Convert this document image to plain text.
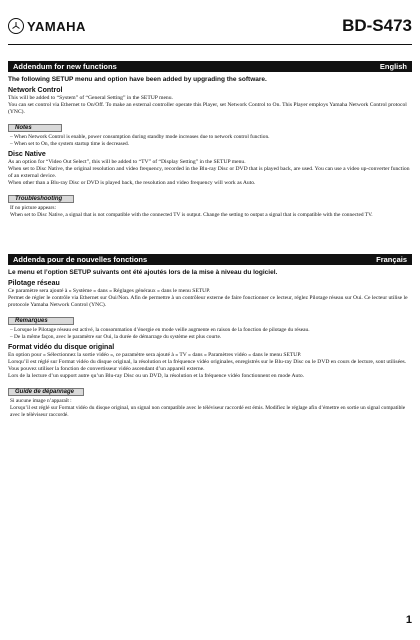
YAMAHA	BD-S473
Addendum for new functions	English
The following SETUP menu and option have been added by upgrading the software.
Network Control

This will be added to “System” of “General Setting” in the SETUP menu.

You can set control via Ethernet to On/Off. To make an external controller operate this Player, set Network Control to On. This Player employs Yamaha Network Control protocol (YNC).

Notes

– When Network Control is enable, power consumption during standby mode increases due to network control function.

– When set to On, the system startup time is decreased.

Disc Native

As an option for “Video Out Select”, this will be added to “TV” of “Display Setting” in the SETUP menu.

When set to Disc Native, the original resolution and video frequency, recorded in the Blu-ray Disc or DVD that is played back, are used. You can use a video up-converter function of an external device.

When other than a Blu-ray Disc or DVD is played back, the resolution and video frequency will work as Auto.

Troubleshooting

If no picture appears:

When set to Disc Native, a signal that is not compatible with the connected TV is output. Change the setting to output a signal that is compatible with the connected TV.

Addenda pour de nouvelles fonctions	Français
Le menu et l’option SETUP suivants ont été ajoutés lors de la mise à niveau du logiciel.
Pilotage réseau

Ce paramètre sera ajouté à « Système » dans « Réglages généraux » dans le menu SETUP.

Permet de régler le contrôle via Ethernet sur Oui/Non. Afin de permettre à un contrôleur externe de faire fonctionner ce lecteur, réglez Pilotage réseau sur Oui. Ce lecteur utilise le protocole Yamaha Network Control (YNC).

Remarques

– Lorsque le Pilotage réseau est activé, la consommation d’énergie en mode veille augmente en raison de la fonction de pilotage du réseau.

– De la même façon, avec le paramètre sur Oui, la durée de démarrage du système est plus courte.

Format vidéo du disque original

En option pour « Sélectionnez la sortie vidéo », ce paramètre sera ajouté à « TV » dans « Paramètres vidéo » dans le menu SETUP.

Lorsqu’il est réglé sur Format vidéo du disque original, la résolution et la fréquence vidéo originales, enregistrés sur le Blu-ray Disc ou le DVD en cours de lecture, sont utilisées. Vous pouvez utiliser la fonction de convertisseur vidéo ascendant d’un appareil externe.

Lors de la lecture d’un support autre qu’un Blu-ray Disc ou un DVD, la résolution et la fréquence vidéo fonctionnent en mode Auto.

Guide de dépannage

Si aucune image n’apparaît :

Lorsqu’il est réglé sur Format vidéo du disque original, un signal non compatible avec le téléviseur raccordé est émis. Modifiez le réglage afin d’émettre en sortie un signal compatible avec le téléviseur raccordé.

1
